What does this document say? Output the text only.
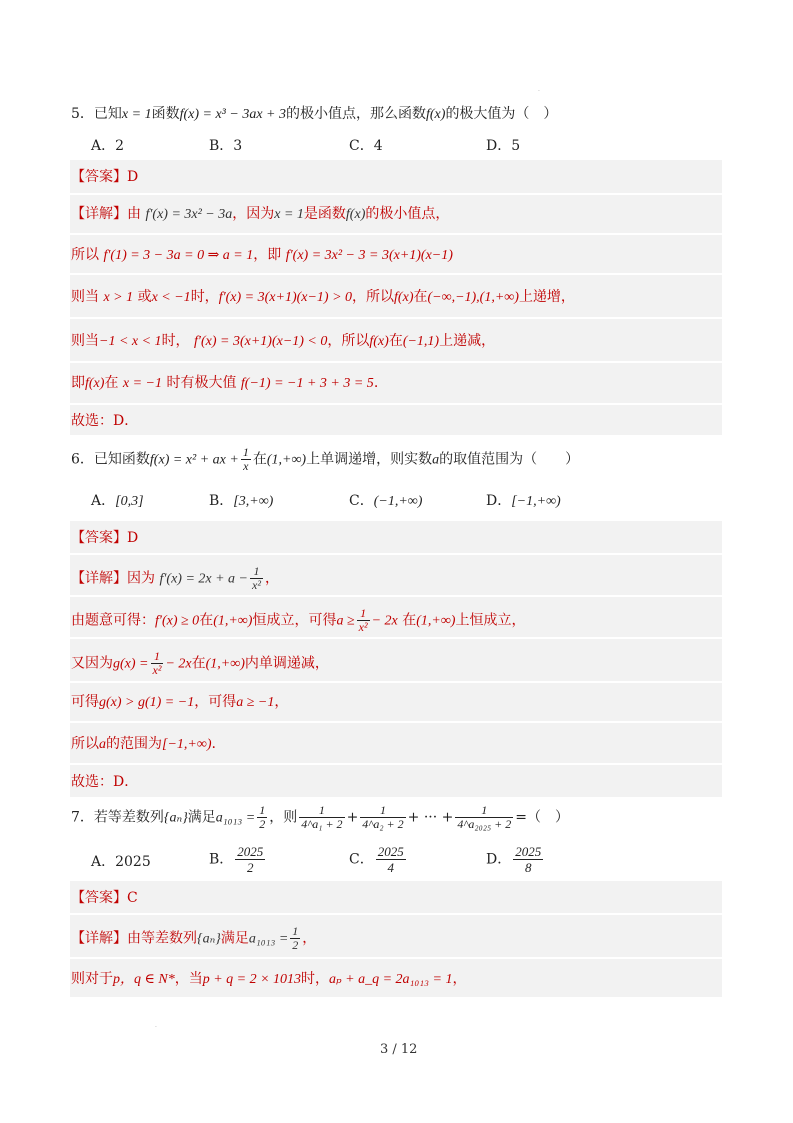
·
5．已知x = 1函数f(x) = x³ − 3ax + 3的极小值点，那么函数f(x)的极大值为（　）
A．2	B．3	C．4	D．5
【答案】D
【详解】由 f′(x) = 3x² − 3a，因为x = 1是函数f(x)的极小值点，
所以 f′(1) = 3 − 3a = 0 ⇒ a = 1，即 f′(x) = 3x² − 3 = 3(x+1)(x−1)
则当 x > 1 或x < −1时，f′(x) = 3(x+1)(x−1) > 0，所以f(x)在(−∞,−1),(1,+∞)上递增，
则当−1 < x < 1时， f′(x) = 3(x+1)(x−1) < 0，所以f(x)在(−1,1)上递减，
即f(x)在 x = −1 时有极大值 f(−1) = −1 + 3 + 3 = 5.
故选：D．
6．已知函数f(x) = x² + ax + $\frac{1}{x}$ 在(1,+∞)上单调递增，则实数a的取值范围为（　　）
A．[0,3]	B．[3,+∞)	C．(−1,+∞)	D．[−1,+∞)
【答案】D
【详解】因为 $f'(x) = 2x + a - \frac{1}{\text{x²}}$ ，
由题意可得：f′(x) ≥ 0在(1,+∞)恒成立，可得$a \ge \frac{1}{\text{x²}} - 2x$ 在(1,+∞)上恒成立，
又因为$g(x) = \frac{1}{\text{x²}} - 2x$在(1,+∞)内单调递减，
可得g(x) > g(1) = −1，可得a ≥ −1，
所以a的范围为[−1,+∞).
故选：D．
7．若等差数列{aₙ}满足$a_{1013} = \frac{1}{2}$ ，则 $\frac{1}{\text{4\textasciicircum{}a₁ + 2}} + \frac{1}{\text{4\textasciicircum{}a₂ + 2}}$ + ··· + $\frac{1}{\text{4\textasciicircum{}a₂₀₂₅ + 2}}$ =（　）
A．2025	B． $\frac{2025}{2}$	C． $\frac{2025}{4}$	D． $\frac{2025}{8}$
【答案】C
【详解】由等差数列{aₙ}满足$a_{1013} = \frac{1}{2}$ ，
则对于p，q ∈ N*，当p + q = 2 × 1013时，aₚ + a_q = 2a₁₀₁₃ = 1，
·
3 / 12
